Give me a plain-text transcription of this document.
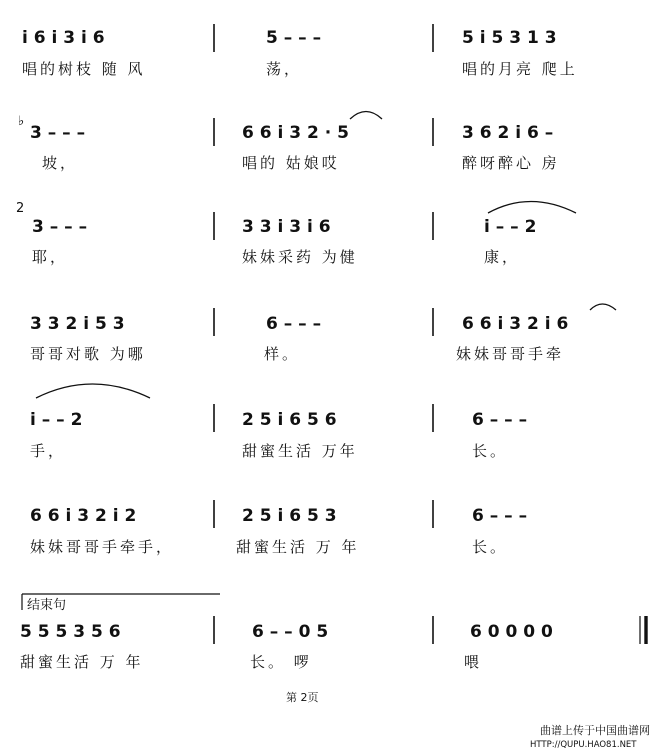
i 6 i 3 i 6	5 – – –	5 i 5 3 1 3
唱的树枝 随 风	荡，	唱的月亮 爬上
♭
3 – – –	6 6 i 3 2 · 5	3 6 2 i 6 –
坡，	唱的 姑娘哎	醉呀醉心 房
2
3 – – –	3 3 i 3 i 6	i – – 2
耶，	妹妹采药 为健	康，
3 3 2 i 5 3	6 – – –	6 6 i 3 2 i 6
哥哥对歌 为哪	样。	妹妹哥哥手牵
i – – 2	2 5 i 6 5 6	6 – – –
手，	甜蜜生活 万年	长。
6 6 i 3 2 i 2	2 5 i 6 5 3	6 – – –
妹妹哥哥手牵手，	甜蜜生活 万 年	长。
结束句
5 5 5 3 5 6	6 – – 0 5	6 0 0 0 0
甜蜜生活 万 年	长。 啰	喂
第 2页
曲谱上传于中国曲谱网
HTTP://QUPU.HAO81.NET
